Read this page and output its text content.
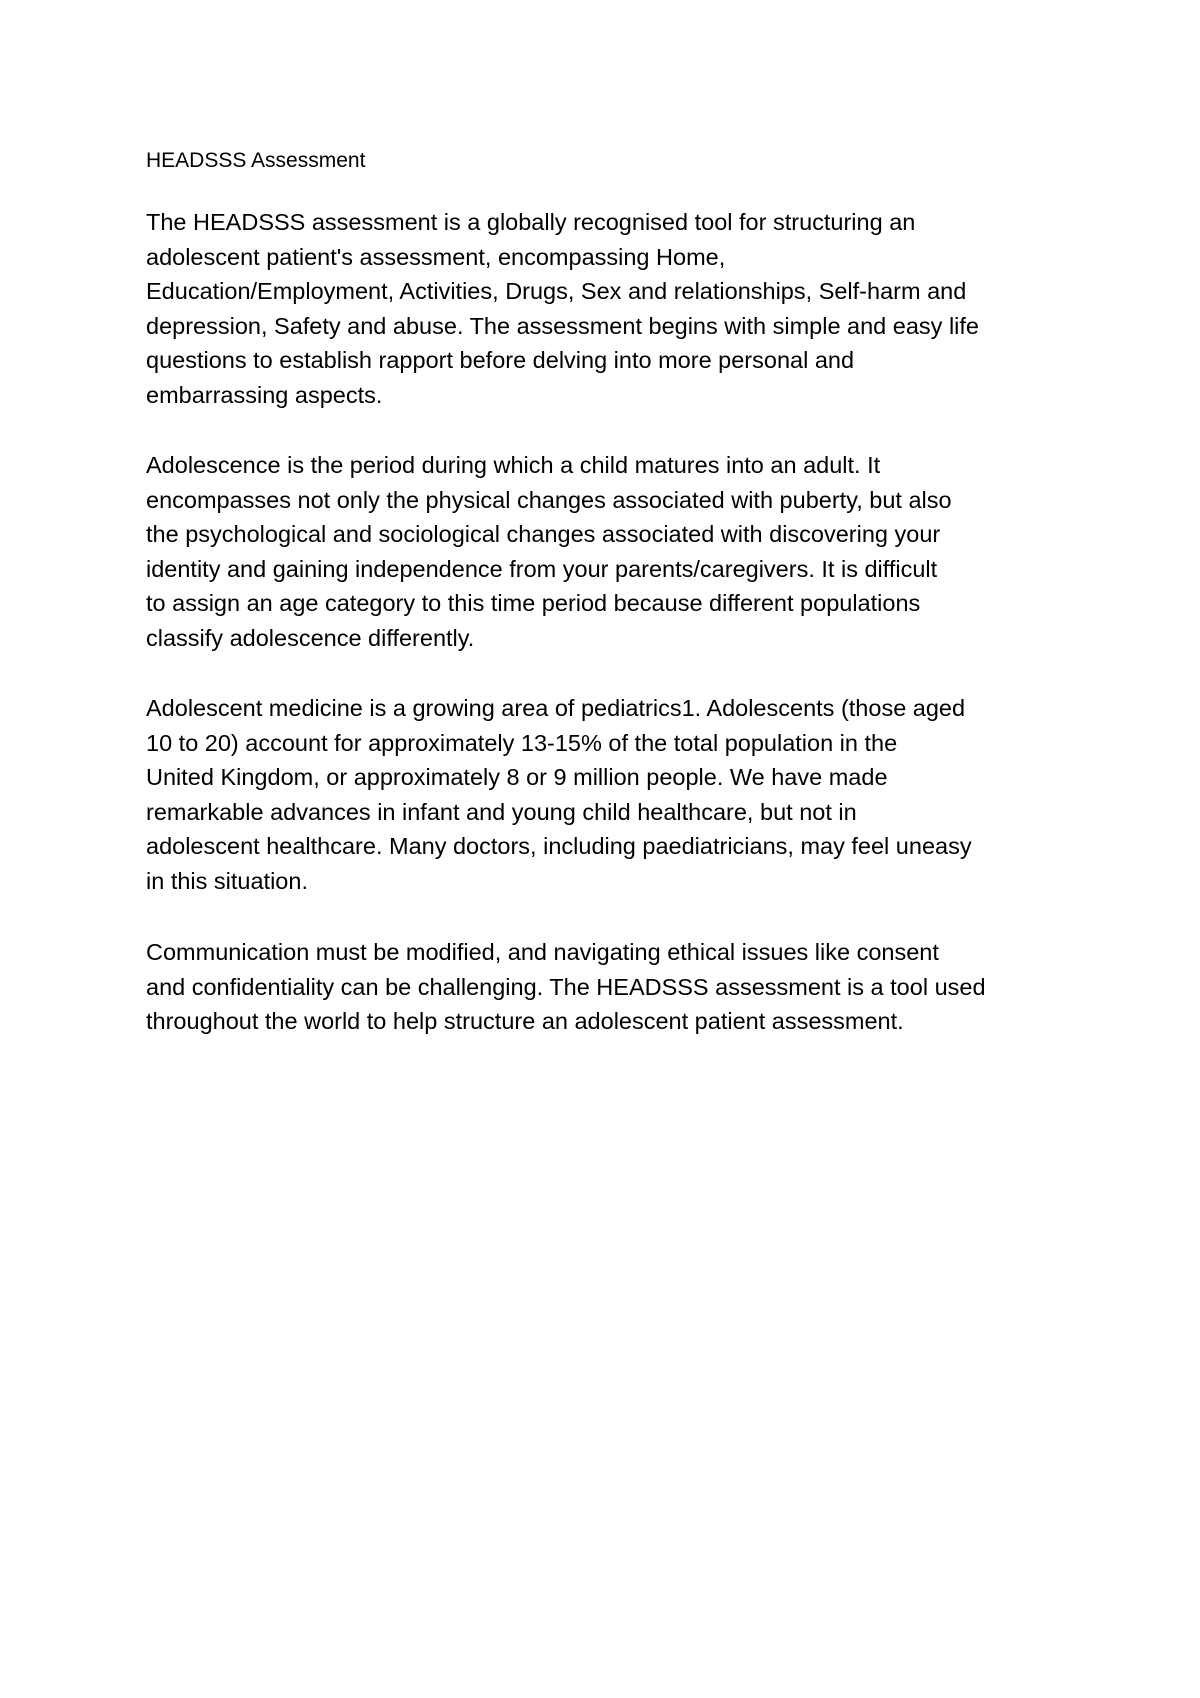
HEADSSS Assessment

The HEADSSS assessment is a globally recognised tool for structuring an
adolescent patient's assessment, encompassing Home,
Education/Employment, Activities, Drugs, Sex and relationships, Self-harm and
depression, Safety and abuse. The assessment begins with simple and easy life
questions to establish rapport before delving into more personal and
embarrassing aspects.

Adolescence is the period during which a child matures into an adult. It
encompasses not only the physical changes associated with puberty, but also
the psychological and sociological changes associated with discovering your
identity and gaining independence from your parents/caregivers. It is difficult
to assign an age category to this time period because different populations
classify adolescence differently.

Adolescent medicine is a growing area of pediatrics1. Adolescents (those aged
10 to 20) account for approximately 13-15% of the total population in the
United Kingdom, or approximately 8 or 9 million people. We have made
remarkable advances in infant and young child healthcare, but not in
adolescent healthcare. Many doctors, including paediatricians, may feel uneasy
in this situation.

Communication must be modified, and navigating ethical issues like consent
and confidentiality can be challenging. The HEADSSS assessment is a tool used
throughout the world to help structure an adolescent patient assessment.
